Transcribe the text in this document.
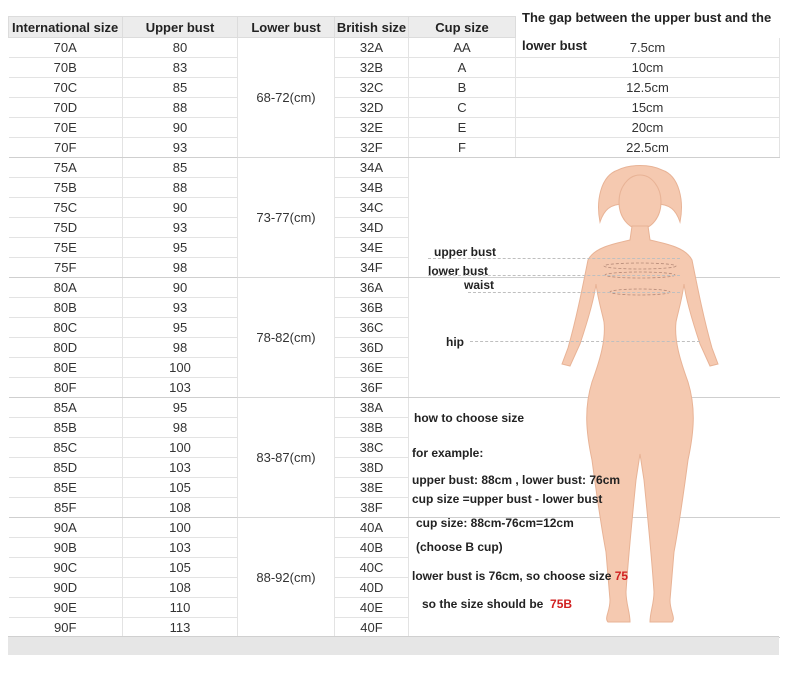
The gap between the upper bust and the lower bust
International size	Upper bust	Lower bust	British size	Cup size	
70A	80	68-72(cm)	32A	AA	7.5cm
70B	83		32B	A	10cm
70C	85		32C	B	12.5cm
70D	88		32D	C	15cm
70E	90		32E	E	20cm
70F	93		32F	F	22.5cm
75A	85	73-77(cm)	34A		
75B	88		34B		
75C	90		34C		
75D	93		34D		
75E	95		34E		
75F	98		34F		
80A	90	78-82(cm)	36A		
80B	93		36B		
80C	95		36C		
80D	98		36D		
80E	100		36E		
80F	103		36F		
85A	95	83-87(cm)	38A		
85B	98		38B		
85C	100		38C		
85D	103		38D		
85E	105		38E		
85F	108		38F		
90A	100	88-92(cm)	40A		
90B	103		40B		
90C	105		40C		
90D	108		40D		
90E	110		40E		
90F	113		40F		
upper bust
lower bust
waist
hip
how to choose size
for example:
upper bust: 88cm , lower bust: 76cm
cup size =upper bust - lower bust
cup size: 88cm-76cm=12cm
(choose B cup)
lower bust is 76cm, so choose size 75
so the size should be  75B
